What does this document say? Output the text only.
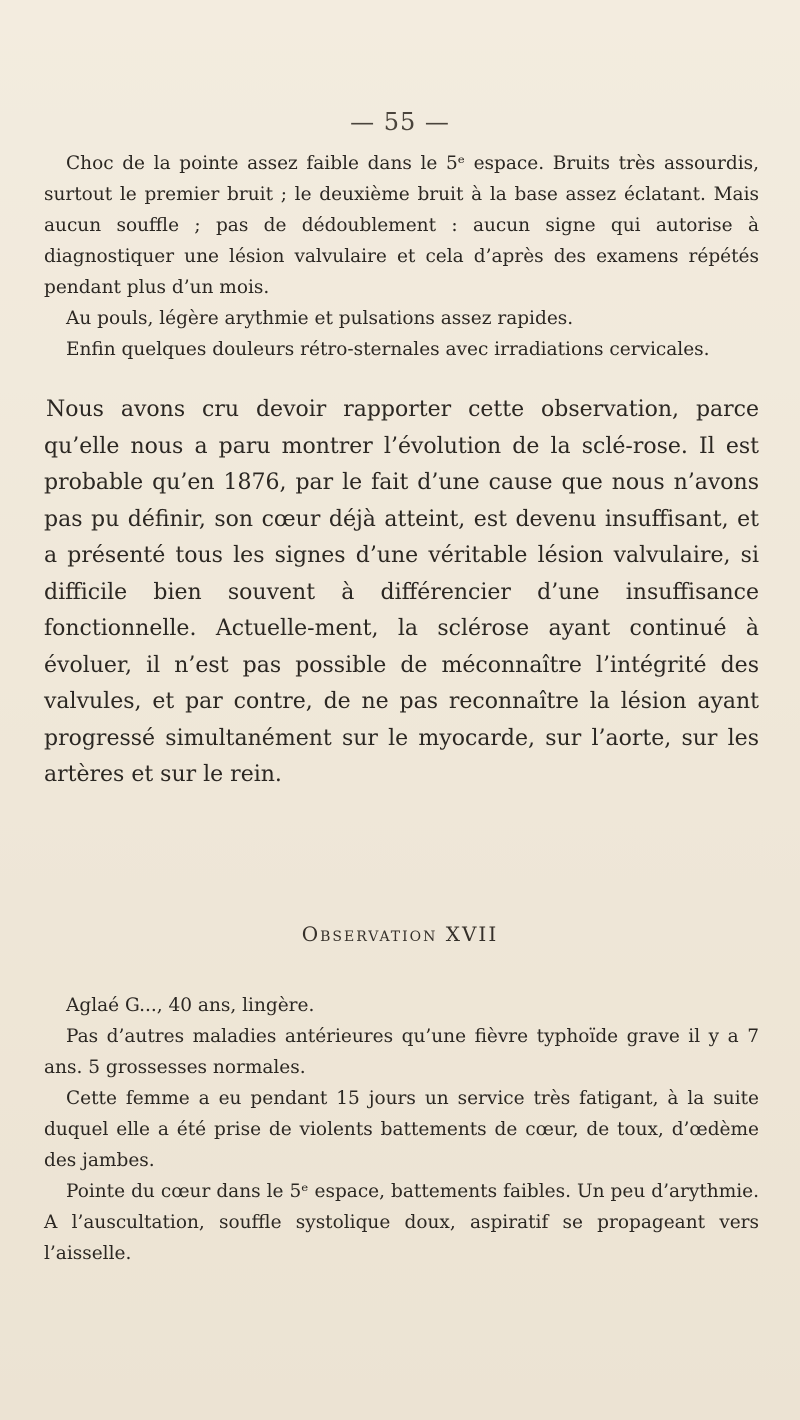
— 55 —

Choc de la pointe assez faible dans le 5ᵉ espace. Bruits très assourdis, surtout le premier bruit ; le deuxième bruit à la base assez éclatant. Mais aucun souffle ; pas de dédoublement : aucun signe qui autorise à diagnostiquer une lésion valvulaire et cela d’après des examens répétés pendant plus d’un mois.

Au pouls, légère arythmie et pulsations assez rapides.

Enfin quelques douleurs rétro-sternales avec irradiations cervicales.

Nous avons cru devoir rapporter cette observation, parce qu’elle nous a paru montrer l’évolution de la sclé-rose. Il est probable qu’en 1876, par le fait d’une cause que nous n’avons pas pu définir, son cœur déjà atteint, est devenu insuffisant, et a présenté tous les signes d’une véritable lésion valvulaire, si difficile bien souvent à différencier d’une insuffisance fonctionnelle. Actuelle-ment, la sclérose ayant continué à évoluer, il n’est pas possible de méconnaître l’intégrité des valvules, et par contre, de ne pas reconnaître la lésion ayant progressé simultanément sur le myocarde, sur l’aorte, sur les artères et sur le rein.

Observation XVII

Aglaé G..., 40 ans, lingère.

Pas d’autres maladies antérieures qu’une fièvre typhoïde grave il y a 7 ans. 5 grossesses normales.

Cette femme a eu pendant 15 jours un service très fatigant, à la suite duquel elle a été prise de violents battements de cœur, de toux, d’œdème des jambes.

Pointe du cœur dans le 5ᵉ espace, battements faibles. Un peu d’arythmie. A l’auscultation, souffle systolique doux, aspiratif se propageant vers l’aisselle.
